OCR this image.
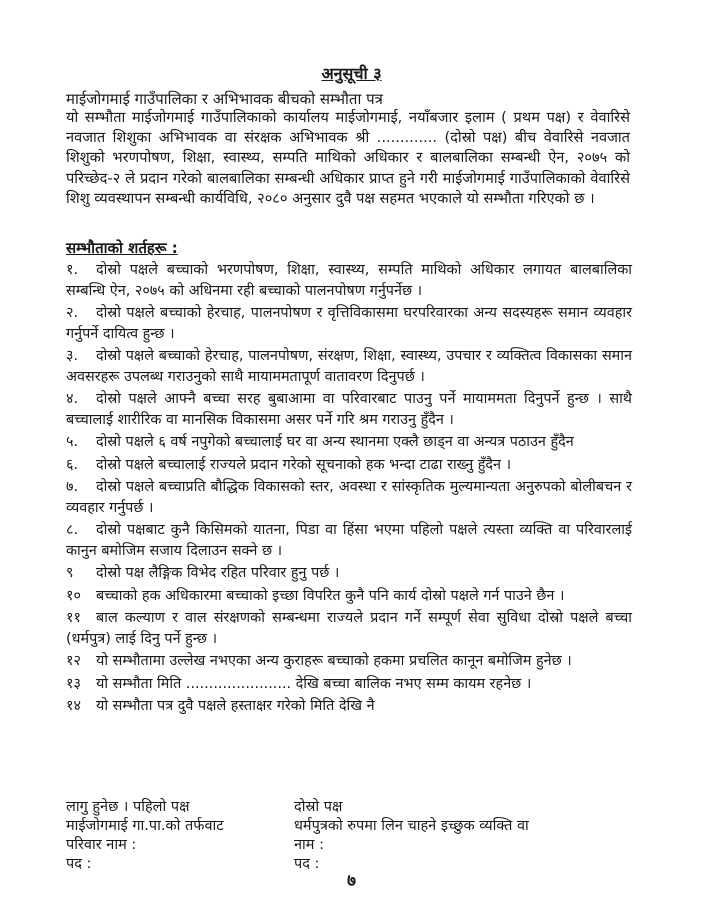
अनुसूची ३
माईजोगमाई गाउँपालिका र अभिभावक बीचको सम्भौता पत्र
यो सम्भौता माईजोगमाई गाउँपालिकाको कार्यालय माईजोगमाई, नयाँबजार इलाम ( प्रथम पक्ष) र वेवारिसे नवजात शिशुका अभिभावक वा संरक्षक अभिभावक श्री ............. (दोस्रो पक्ष) बीच वेवारिसे नवजात शिशुको भरणपोषण, शिक्षा, स्वास्थ्य, सम्पति माथिको अधिकार र बालबालिका सम्बन्धी ऐन, २०७५ को परिच्छेद-२ ले प्रदान गरेको बालबालिका सम्बन्धी अधिकार प्राप्त हुने गरी माईजोगमाई गाउँपालिकाको वेवारिसे शिशु व्यवस्थापन सम्बन्धी कार्यविधि, २०८० अनुसार दुवै पक्ष सहमत भएकाले यो सम्भौता गरिएको छ ।
सम्भौताको शर्तहरू :
१.	दोस्रो पक्षले बच्चाको भरणपोषण, शिक्षा, स्वास्थ्य, सम्पति माथिको अधिकार लगायत बालबालिका सम्बन्धि ऐन, २०७५ को अधिनमा रही बच्चाको पालनपोषण गर्नुपर्नेछ ।
२.	दोस्रो पक्षले बच्चाको हेरचाह, पालनपोषण र वृत्तिविकासमा घरपरिवारका अन्य सदस्यहरू समान व्यवहार गर्नुपर्ने दायित्व हुन्छ ।
३.	दोस्रो पक्षले बच्चाको हेरचाह, पालनपोषण, संरक्षण, शिक्षा, स्वास्थ्य, उपचार र व्यक्तित्व विकासका समान अवसरहरू उपलब्ध गराउनुको साथै मायाममतापूर्ण वातावरण दिनुपर्छ ।
४.	दोस्रो पक्षले आफ्नै बच्चा सरह बुबाआमा वा परिवारबाट पाउनु पर्ने मायाममता दिनुपर्ने हुन्छ । साथै बच्चालाई शारीरिक वा मानसिक विकासमा असर पर्ने गरि श्रम गराउनु हुँदैन ।
५.	दोस्रो पक्षले ६ वर्ष नपुगेको बच्चालाई घर वा अन्य स्थानमा एक्लै छाड्न वा अन्यत्र पठाउन हुँदैन
६.	दोस्रो पक्षले बच्चालाई राज्यले प्रदान गरेको सूचनाको हक भन्दा टाढा राख्नु हुँदैन ।
७.	दोस्रो पक्षले बच्चाप्रति बौद्धिक विकासको स्तर, अवस्था र सांस्कृतिक मुल्यमान्यता अनुरुपको बोलीबचन र व्यवहार गर्नुपर्छ ।
८.	दोस्रो पक्षबाट कुनै किसिमको यातना, पिडा वा हिंसा भएमा पहिलो पक्षले त्यस्ता व्यक्ति वा परिवारलाई कानुन बमोजिम सजाय दिलाउन सक्ने छ ।
९	दोस्रो पक्ष लैङ्गिक विभेद रहित परिवार हुनु पर्छ ।
१०	बच्चाको हक अधिकारमा बच्चाको इच्छा विपरित कुनै पनि कार्य दोस्रो पक्षले गर्न पाउने छैन ।
११	बाल कल्याण र वाल संरक्षणको सम्बन्धमा राज्यले प्रदान गर्ने सम्पूर्ण सेवा सुविधा दोस्रो पक्षले बच्चा (धर्मपुत्र) लाई दिनु पर्ने हुन्छ ।
१२	यो सम्भौतामा उल्लेख नभएका अन्य कुराहरू बच्चाको हकमा प्रचलित कानून बमोजिम हुनेछ ।
१३	यो सम्भौता मिति ....................... देखि बच्चा बालिक नभए सम्म कायम रहनेछ ।
१४	यो सम्भौता पत्र दुवै पक्षले हस्ताक्षर गरेको मिति देखि नै
लागु हुनेछ । पहिलो पक्ष	दोस्रो पक्ष
माईजोगमाई गा.पा.को तर्फवाट	धर्मपुत्रको रुपमा लिन चाहने इच्छुक व्यक्ति वा
परिवार नाम :	नाम :
पद :	पद :
७
